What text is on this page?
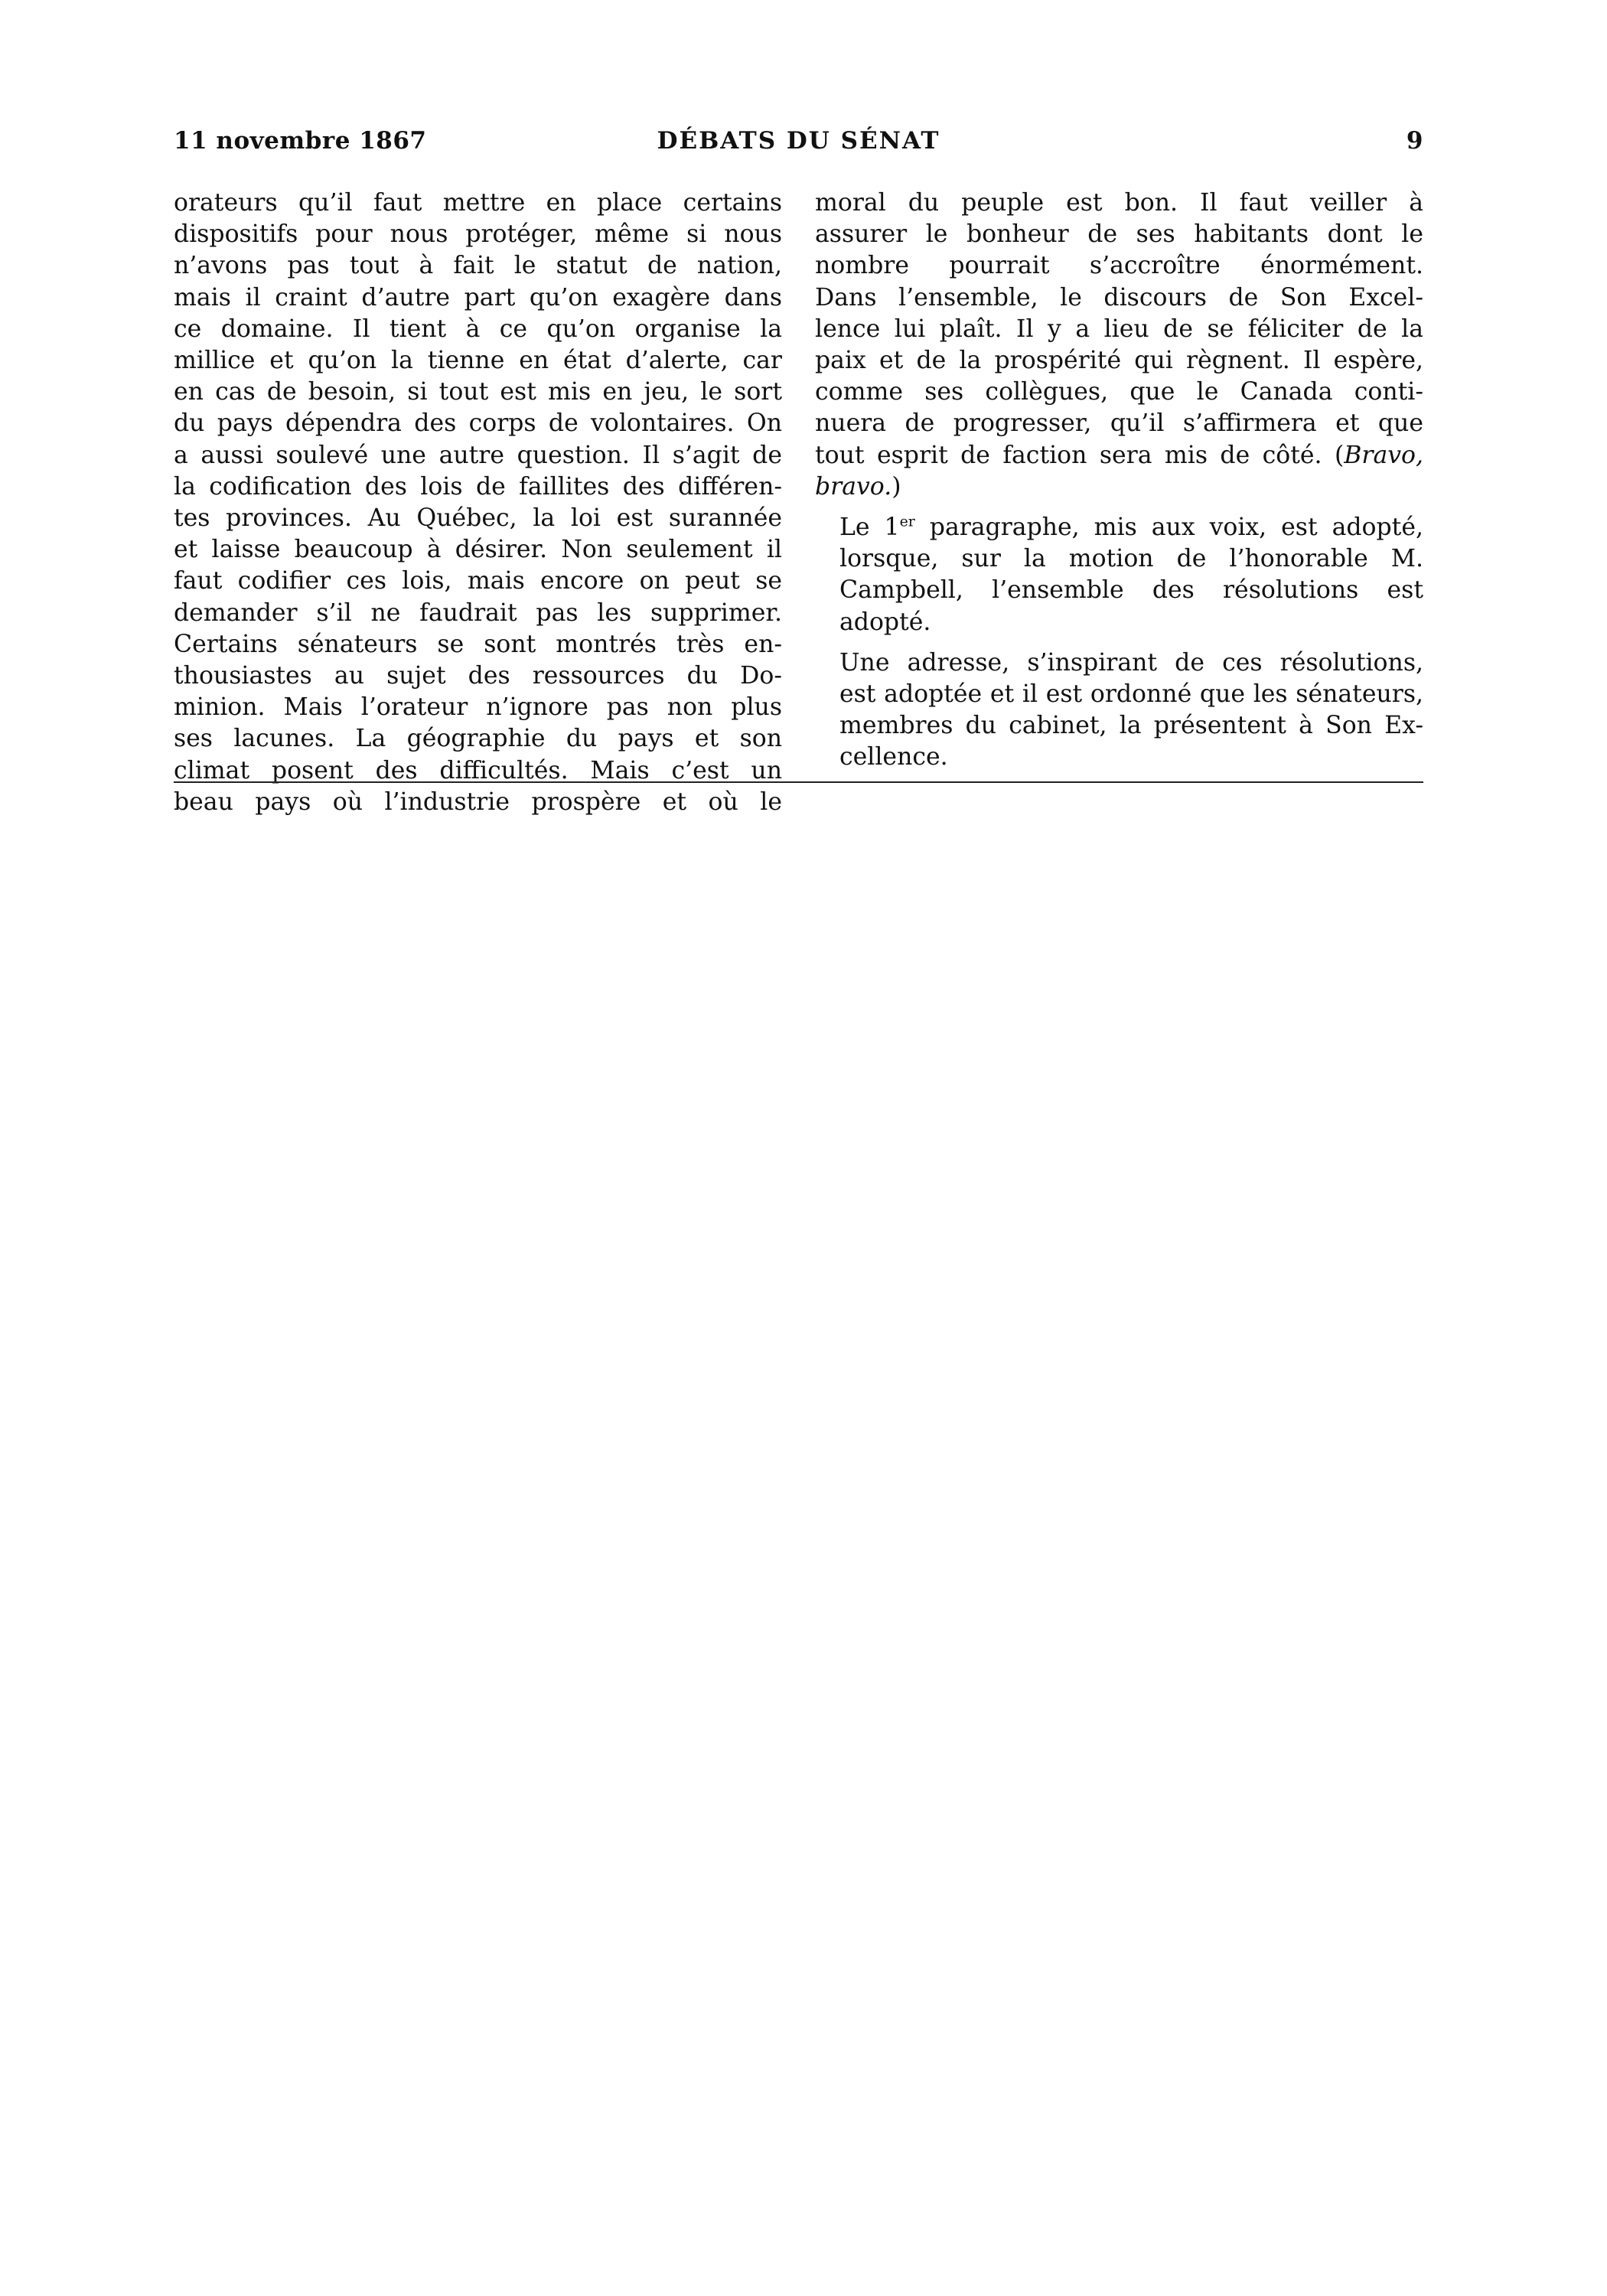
11 novembre 1867	DÉBATS DU SÉNAT	9

orateurs qu’il faut mettre en place certains
dispositifs pour nous protéger, même si nous
n’avons pas tout à fait le statut de nation,
mais il craint d’autre part qu’on exagère dans
ce domaine. Il tient à ce qu’on organise la
millice et qu’on la tienne en état d’alerte, car
en cas de besoin, si tout est mis en jeu, le sort
du pays dépendra des corps de volontaires. On
a aussi soulevé une autre question. Il s’agit de
la codification des lois de faillites des différen-
tes provinces. Au Québec, la loi est surannée
et laisse beaucoup à désirer. Non seulement il
faut codifier ces lois, mais encore on peut se
demander s’il ne faudrait pas les supprimer.
Certains sénateurs se sont montrés très en-
thousiastes au sujet des ressources du Do-
minion. Mais l’orateur n’ignore pas non plus
ses lacunes. La géographie du pays et son
climat posent des difficultés. Mais c’est un
beau pays où l’industrie prospère et où le

moral du peuple est bon. Il faut veiller à
assurer le bonheur de ses habitants dont le
nombre pourrait s’accroître énormément.
Dans l’ensemble, le discours de Son Excel-
lence lui plaît. Il y a lieu de se féliciter de la
paix et de la prospérité qui règnent. Il espère,
comme ses collègues, que le Canada conti-
nuera de progresser, qu’il s’affirmera et que
tout esprit de faction sera mis de côté. (Bravo,
bravo.)

Le 1er paragraphe, mis aux voix, est adopté,
lorsque, sur la motion de l’honorable M.
Campbell, l’ensemble des résolutions est
adopté.

Une adresse, s’inspirant de ces résolutions,
est adoptée et il est ordonné que les sénateurs,
membres du cabinet, la présentent à Son Ex-
cellence.
